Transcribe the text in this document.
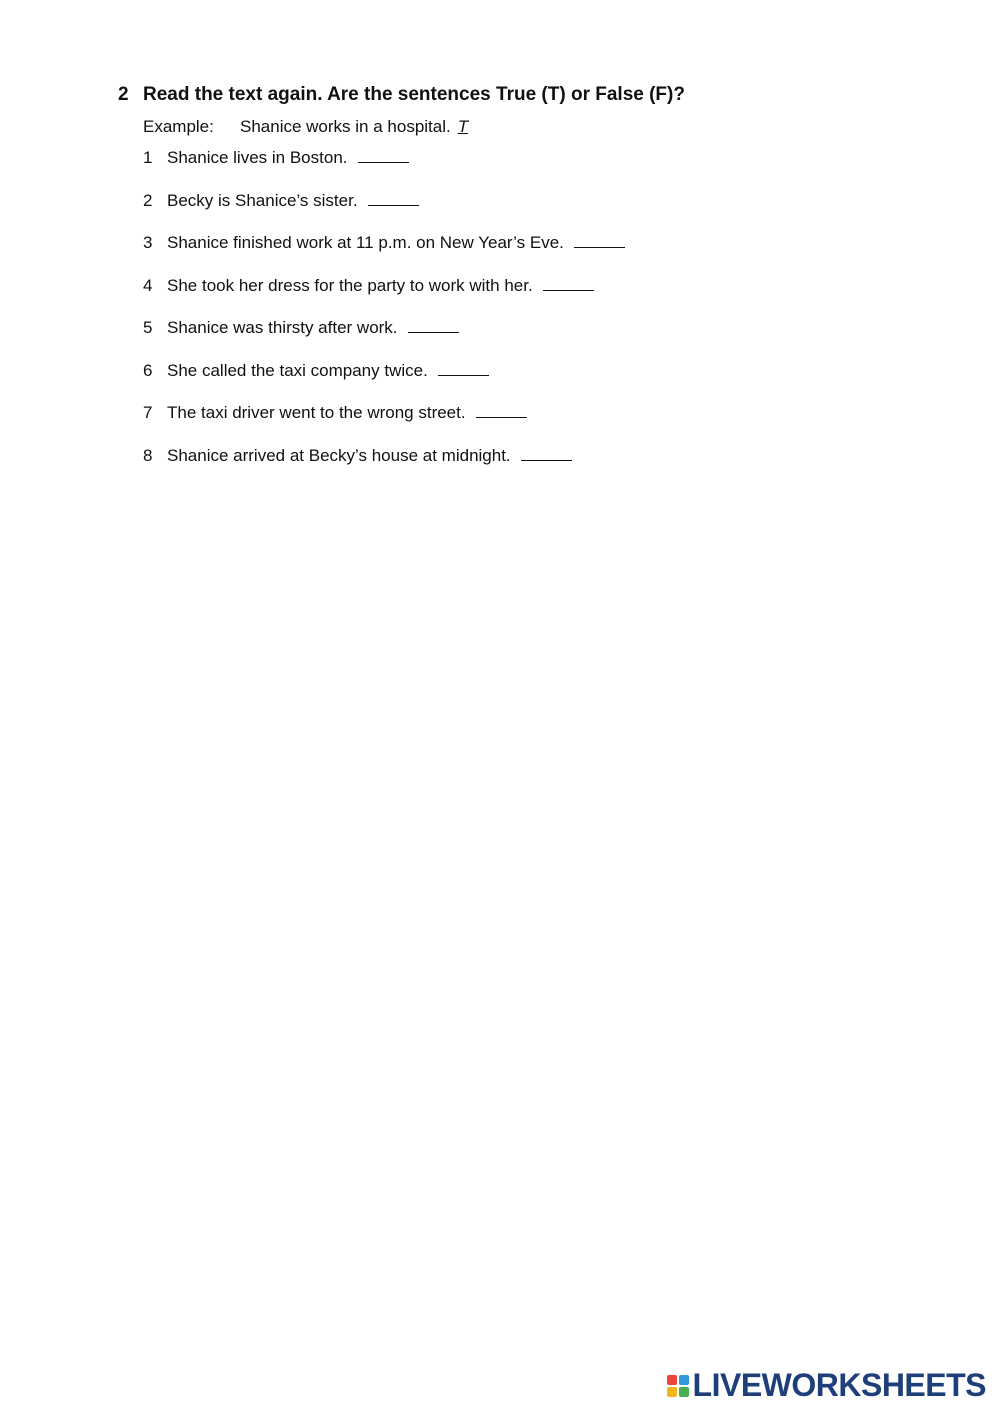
2 Read the text again. Are the sentences True (T) or False (F)?
Example: Shanice works in a hospital. T
1 Shanice lives in Boston.
2 Becky is Shanice’s sister.
3 Shanice finished work at 11 p.m. on New Year’s Eve.
4 She took her dress for the party to work with her.
5 Shanice was thirsty after work.
6 She called the taxi company twice.
7 The taxi driver went to the wrong street.
8 Shanice arrived at Becky’s house at midnight.
LIVEWORKSHEETS
